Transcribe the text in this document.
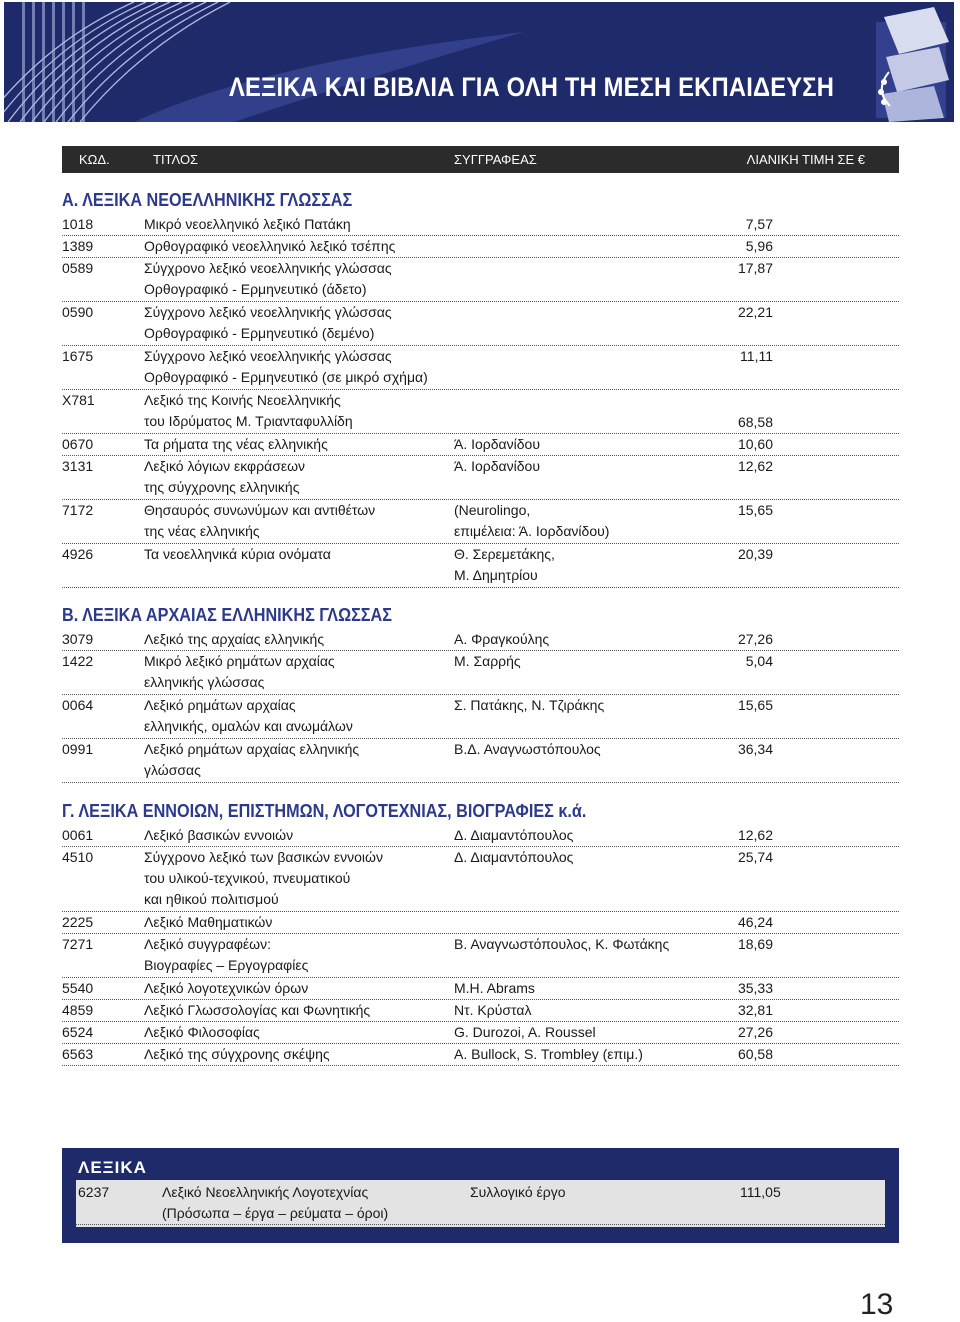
ΛΕΞΙΚΑ ΚΑΙ ΒΙΒΛΙΑ ΓΙΑ ΟΛΗ ΤΗ ΜΕΣΗ ΕΚΠΑΙΔΕΥΣΗ
ΚΩΔ.	ΤΙΤΛΟΣ	ΣΥΓΓΡΑΦΕΑΣ	ΛΙΑΝΙΚΗ ΤΙΜΗ ΣΕ €
Α. ΛΕΞΙΚΑ ΝΕΟΕΛΛΗΝΙΚΗΣ ΓΛΩΣΣΑΣ
1018	Μικρό νεοελληνικό λεξικό Πατάκη	7,57
1389	Ορθογραφικό νεοελληνικό λεξικό τσέπης	5,96
0589	Σύγχρονο λεξικό νεοελληνικής γλώσσας
Ορθογραφικό - Ερμηνευτικό (άδετο)
17,87
0590	Σύγχρονο λεξικό νεοελληνικής γλώσσας
Ορθογραφικό - Ερμηνευτικό (δεμένο)
22,21
1675	Σύγχρονο λεξικό νεοελληνικής γλώσσας
Ορθογραφικό - Ερμηνευτικό (σε μικρό σχήμα)
11,11
Χ781	Λεξικό της Κοινής Νεοελληνικής
του Ιδρύματος Μ. Τριανταφυλλίδη	68,58
0670	Τα ρήματα της νέας ελληνικής	Ά. Ιορδανίδου	10,60
3131	Λεξικό λόγιων εκφράσεων
της σύγχρονης ελληνικής
Ά. Ιορδανίδου	12,62
7172	Θησαυρός συνωνύμων και αντιθέτων
της νέας ελληνικής
(Neurolingo,
επιμέλεια: Ά. Ιορδανίδου)
15,65
4926	Τα νεοελληνικά κύρια ονόματα	Θ. Σερεμετάκης,
Μ. Δημητρίου
20,39
Β. ΛΕΞΙΚΑ ΑΡΧΑΙΑΣ ΕΛΛΗΝΙΚΗΣ ΓΛΩΣΣΑΣ
3079	Λεξικό της αρχαίας ελληνικής	Α. Φραγκούλης	27,26
1422	Μικρό λεξικό ρημάτων αρχαίας
ελληνικής γλώσσας
Μ. Σαρρής	5,04
0064	Λεξικό ρημάτων αρχαίας
ελληνικής, ομαλών και ανωμάλων
Σ. Πατάκης, Ν. Τζιράκης	15,65
0991	Λεξικό ρημάτων αρχαίας ελληνικής
γλώσσας
Β.Δ. Αναγνωστόπουλος	36,34
Γ. ΛΕΞΙΚΑ ΕΝΝΟΙΩΝ, ΕΠΙΣΤΗΜΩΝ, ΛΟΓΟΤΕΧΝΙΑΣ, ΒΙΟΓΡΑΦΙΕΣ κ.ά.
0061	Λεξικό βασικών εννοιών	Δ. Διαμαντόπουλος	12,62
4510	Σύγχρονο λεξικό των βασικών εννοιών
του υλικού-τεχνικού, πνευματικού
και ηθικού πολιτισμού
Δ. Διαμαντόπουλος	25,74
2225	Λεξικό Μαθηματικών	46,24
7271	Λεξικό συγγραφέων:
Βιογραφίες – Εργογραφίες
Β. Αναγνωστόπουλος, Κ. Φωτάκης	18,69
5540	Λεξικό λογοτεχνικών όρων	M.H. Abrams	35,33
4859	Λεξικό Γλωσσολογίας και Φωνητικής	Ντ. Κρύσταλ	32,81
6524	Λεξικό Φιλοσοφίας	G. Durozoi, A. Roussel	27,26
6563	Λεξικό της σύγχρονης σκέψης	A. Bullock, S. Trombley (επιμ.)	60,58
ΛΕΞΙΚΑ
6237	Λεξικό Νεοελληνικής Λογοτεχνίας
(Πρόσωπα – έργα – ρεύματα – όροι)
Συλλογικό έργο	111,05
13
